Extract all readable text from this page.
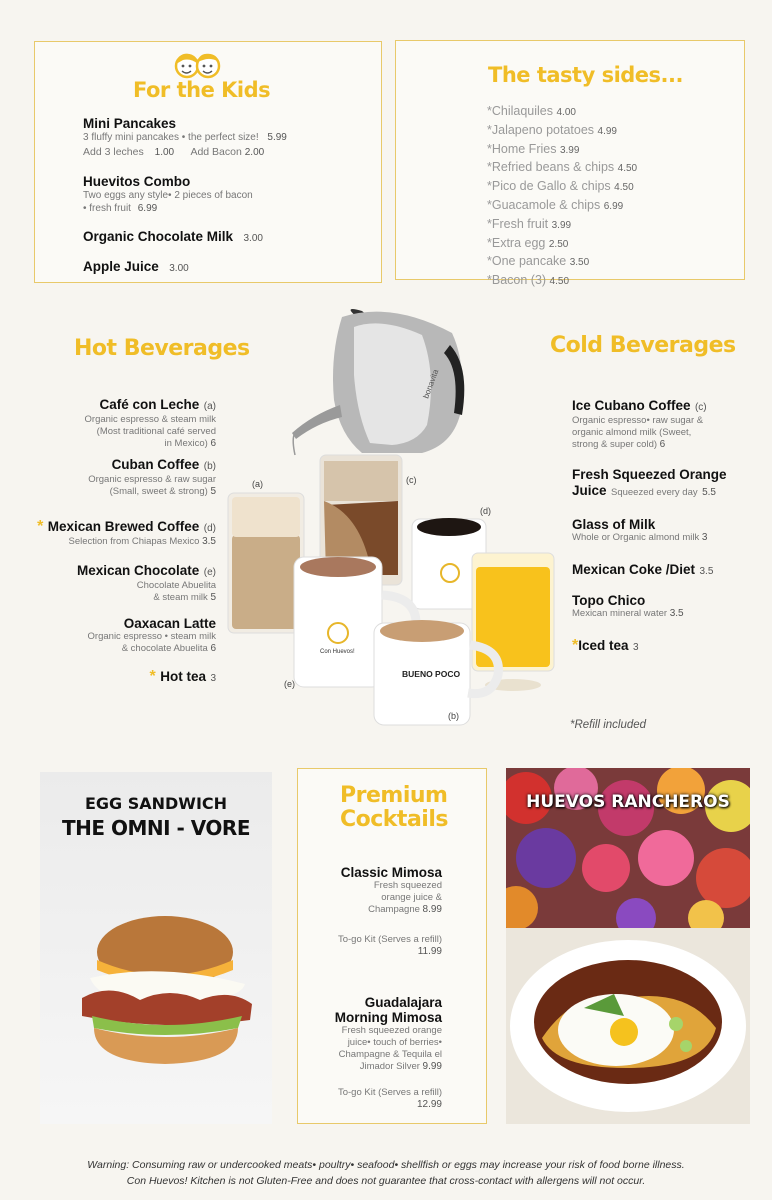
For the Kids
Mini Pancakes
3 fluffy mini pancakes • the perfect size! 5.99
Add 3 leches 1.00 Add Bacon 2.00
Huevitos Combo
Two eggs any style• 2 pieces of bacon
• fresh fruit 6.99
Organic Chocolate Milk 3.00
Apple Juice 3.00
The tasty sides...
*Chilaquiles 4.00
*Jalapeno potatoes 4.99
*Home Fries 3.99
*Refried beans & chips 4.50
*Pico de Gallo & chips 4.50
*Guacamole & chips 6.99
*Fresh fruit 3.99
*Extra egg 2.50
*One pancake 3.50
*Bacon (3) 4.50
Hot Beverages
Café con Leche (a)
Organic espresso & steam milk
(Most traditional café served
in Mexico) 6
Cuban Coffee (b)
Organic espresso & raw sugar
(Small, sweet & strong) 5
* Mexican Brewed Coffee (d)
Selection from Chiapas Mexico 3.5
Mexican Chocolate (e)
Chocolate Abuelita
& steam milk 5
Oaxacan Latte
Organic espresso • steam milk
& chocolate Abuelita 6
* Hot tea 3
bonavita
Con Huevos!
BUENO POCO
(a)	(c)
(d)
(e)
(b)
Cold Beverages
Ice Cubano Coffee (c)
Organic espresso• raw sugar &
organic almond milk (Sweet,
strong & super cold) 6
Fresh Squeezed Orange
Juice Squeezed every day 5.5
Glass of Milk
Whole or Organic almond milk 3
Mexican Coke /Diet 3.5
Topo Chico
Mexican mineral water 3.5
*Iced tea 3
*Refill included
EGG SANDWICH
THE OMNI - VORE
Premium
Cocktails
Classic Mimosa
Fresh squeezed
orange juice &
Champagne 8.99
To-go Kit (Serves a refill)
11.99
Guadalajara
Morning Mimosa
Fresh squeezed orange
juice• touch of berries•
Champagne & Tequila el
Jimador Silver 9.99
To-go Kit (Serves a refill)
12.99
HUEVOS RANCHEROS
Warning: Consuming raw or undercooked meats• poultry• seafood• shellfish or eggs may increase your risk of food borne illness.
Con Huevos! Kitchen is not Gluten-Free and does not guarantee that cross-contact with allergens will not occur.
